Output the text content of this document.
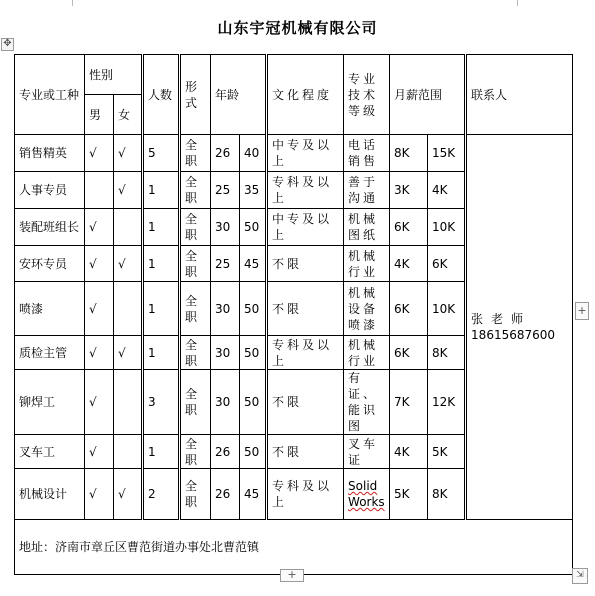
山东宇冠机械有限公司
✥
专业或工种	性别		人数	形式	年龄		文化程度	专业技术等级	月薪范围		联系人
	男	女									
销售精英	√	√	5	全职	26	40	中专及以上	电话销售	8K	15K	张老师
18615687600

人事专员		√	1	全职	25	35	专科及以上	善于沟通	3K	4K	
装配班组长	√		1	全职	30	50	中专及以上	机械图纸	6K	10K	
安环专员	√	√	1	全职	25	45	不限	机械行业	4K	6K	
喷漆	√		1	全职	30	50	不限	机械设备喷漆	6K	10K	
质检主管	√	√	1	全职	30	50	专科及以上	机械行业	6K	8K	
铆焊工	√		3	全职	30	50	不限	有证、能识图	7K	12K	
叉车工	√		1	全职	26	50	不限	叉车证	4K	5K	
机械设计	√	√	2	全职	26	45	专科及以上	SolidWorks	5K	8K	
地址：济南市章丘区曹范街道办事处北曹范镇											
+
+	⇲
